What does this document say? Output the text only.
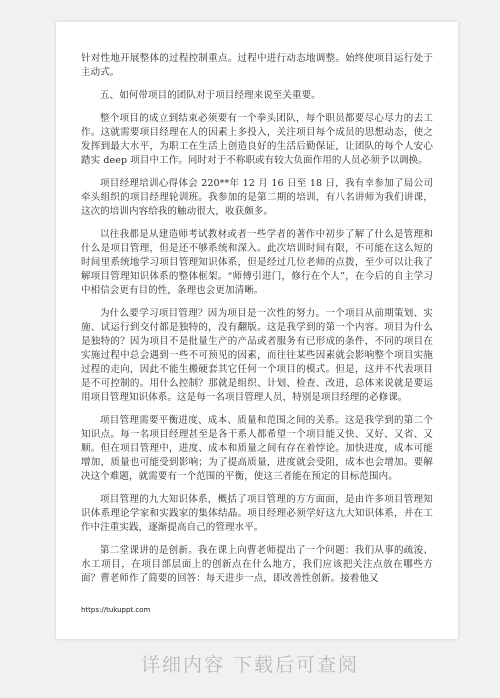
针对性地开展整体的过程控制重点。过程中进行动态地调整。始终使项目运行处于主动式。

五、如何带项目的团队对于项目经理来说至关重要。

整个项目的成立到结束必须要有一个拳头团队，每个职员都要尽心尽力的去工作。这就需要项目经理在人的因素上多投入，关注项目每个成员的思想动态，使之发挥到最大水平，为职工在生活上创造良好的生活后勤保证，让团队的每个人安心踏实 deep 项目中工作。同时对于不称职或有较大负面作用的人员必须予以调换。

项目经理培训心得体会 220**年 12 月 16 日至 18 日，我有幸参加了局公司牵头组织的项目经理轮训班。我参加的是第二期的培训，有八名讲师为我们讲课，这次的培训内容给我的触动很大，收获颇多。

以往我都是从建造师考试教材或者一些学者的著作中初步了解了什么是管理和什么是项目管理，但是还不够系统和深入。此次培训时间有限，不可能在这么短的时间里系统地学习项目管理知识体系，但是经过几位老师的点拨，至少可以让我了解项目管理知识体系的整体框架。“师傅引进门，修行在个人”，在今后的自主学习中相信会更有目的性，条理也会更加清晰。

为什么要学习项目管理？因为项目是一次性的努力。一个项目从前期策划、实施、试运行到交付都是独特的，没有翻版。这是我学到的第一个内容。项目为什么是独特的？因为项目不是批量生产的产品或者服务有已形成的条件，不同的项目在实施过程中总会遇到一些不可预见的因素，而往往某些因素就会影响整个项目实施过程的走向，因此不能生搬硬套其它任何一个项目的模式。但是，这并不代表项目是不可控制的。用什么控制？那就是组织、计划、检查、改进，总体来说就是要运用项目管理知识体系。这是每一名项目管理人员，特别是项目经理的必修课。

项目管理需要平衡进度、成本、质量和范围之间的关系。这是我学到的第二个知识点。每一名项目经理甚至是各干系人都希望一个项目能又快、又好、又省、又顺。但在项目管理中，进度、成本和质量之间有存在着悖论。加快进度，成本可能增加，质量也可能受到影响；为了提高质量，进度就会受阻，成本也会增加。要解决这个难题，就需要有一个范围的平衡，使这三者能在预定的目标范围内。

项目管理的九大知识体系，概括了项目管理的方方面面，是由许多项目管理知识体系理论学家和实践家的集体结晶。项目经理必须学好这九大知识体系，并在工作中注重实践，逐渐提高自己的管理水平。

第二堂课讲的是创新。我在课上向曹老师提出了一个问题：我们从事的疏浚、水工项目，在项目部层面上的创新点在什么地方，我们应该把关注点放在哪些方面？曹老师作了简要的回答：每天进步一点，即改善性创新。接着他又

https://tukuppt.com
详细内容 下载后可查阅
